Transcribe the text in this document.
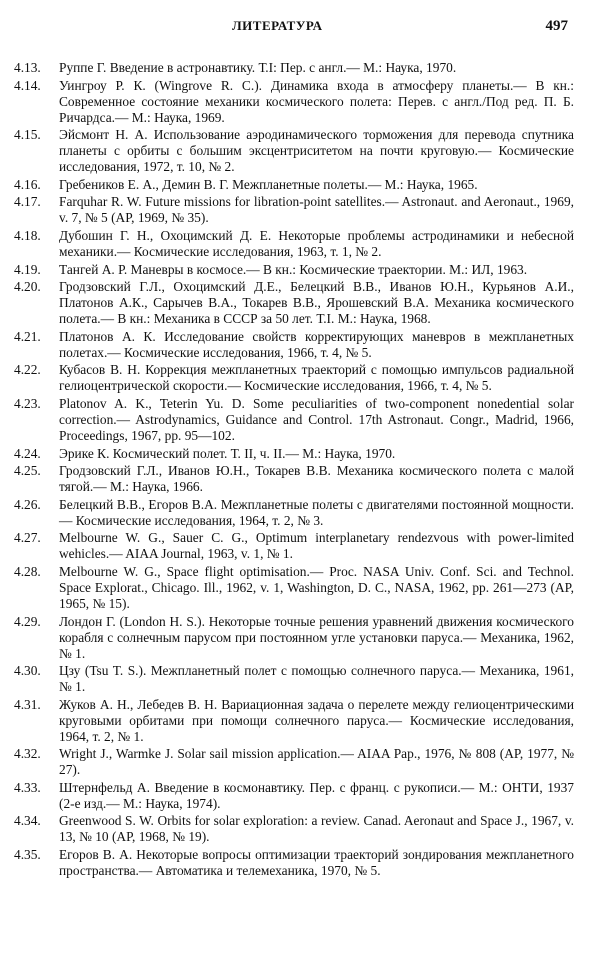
ЛИТЕРАТУРА	497
4.13.	Руппе Г. Введение в астронавтику. Т.I: Пер. с англ.— М.: Наука, 1970.
4.14.	Уингроу Р. К. (Wingrove R. C.). Динамика входа в атмосферу планеты.— В кн.: Современное состояние механики космического полета: Перев. с англ./Под ред. П. Б. Ричардса.— М.: Наука, 1969.
4.15.	Эйсмонт Н. А. Использование аэродинамического торможения для перевода спутника планеты с орбиты с большим эксцентриситетом на почти круговую.— Космические исследования, 1972, т. 10, № 2.
4.16.	Гребеников Е. А., Демин В. Г. Межпланетные полеты.— М.: Наука, 1965.
4.17.	Farquhar R. W. Future missions for libration-point satellites.— Astronaut. and Aeronaut., 1969, v. 7, № 5 (AP, 1969, № 35).
4.18.	Дубошин Г. Н., Охоцимский Д. Е. Некоторые проблемы астродинамики и небесной механики.— Космические исследования, 1963, т. 1, № 2.
4.19.	Тангей А. Р. Маневры в космосе.— В кн.: Космические траектории. М.: ИЛ, 1963.
4.20.	Гродзовский Г.Л., Охоцимский Д.Е., Белецкий В.В., Иванов Ю.Н., Курьянов А.И., Платонов А.К., Сарычев В.А., Токарев В.В., Ярошевский В.А. Механика космического полета.— В кн.: Механика в СССР за 50 лет. Т.I. М.: Наука, 1968.
4.21.	Платонов А. К. Исследование свойств корректирующих маневров в межпланетных полетах.— Космические исследования, 1966, т. 4, № 5.
4.22.	Кубасов В. Н. Коррекция межпланетных траекторий с помощью импульсов радиальной гелиоцентрической скорости.— Космические исследования, 1966, т. 4, № 5.
4.23.	Platonov A. K., Teterin Yu. D. Some peculiarities of two-component nonedential solar correction.— Astrodynamics, Guidance and Control. 17th Astronaut. Congr., Madrid, 1966, Proceedings, 1967, pp. 95—102.
4.24.	Эрике К. Космический полет. Т. II, ч. II.— М.: Наука, 1970.
4.25.	Гродзовский Г.Л., Иванов Ю.Н., Токарев В.В. Механика космического полета с малой тягой.— М.: Наука, 1966.
4.26.	Белецкий В.В., Егоров В.А. Межпланетные полеты с двигателями постоянной мощности.— Космические исследования, 1964, т. 2, № 3.
4.27.	Melbourne W. G., Sauer C. G., Optimum interplanetary rendezvous with power-limited wehicles.— AIAA Journal, 1963, v. 1, № 1.
4.28.	Melbourne W. G., Space flight optimisation.— Proc. NASA Univ. Conf. Sci. and Technol. Space Explorat., Chicago. Ill., 1962, v. 1, Washington, D. C., NASA, 1962, pp. 261—273 (AP, 1965, № 15).
4.29.	Лондон Г. (London H. S.). Некоторые точные решения уравнений движения космического корабля с солнечным парусом при постоянном угле установки паруса.— Механика, 1962, № 1.
4.30.	Цзу (Tsu T. S.). Межпланетный полет с помощью солнечного паруса.— Механика, 1961, № 1.
4.31.	Жуков А. Н., Лебедев В. Н. Вариационная задача о перелете между гелиоцентрическими круговыми орбитами при помощи солнечного паруса.— Космические исследования, 1964, т. 2, № 1.
4.32.	Wright J., Warmke J. Solar sail mission application.— AIAA Pap., 1976, № 808 (AP, 1977, № 27).
4.33.	Штернфельд А. Введение в космонавтику. Пер. с франц. с рукописи.— М.: ОНТИ, 1937 (2-е изд.— М.: Наука, 1974).
4.34.	Greenwood S. W. Orbits for solar exploration: a review. Canad. Aeronaut and Space J., 1967, v. 13, № 10 (AP, 1968, № 19).
4.35.	Егоров В. А. Некоторые вопросы оптимизации траекторий зондирования межпланетного пространства.— Автоматика и телемеханика, 1970, № 5.
